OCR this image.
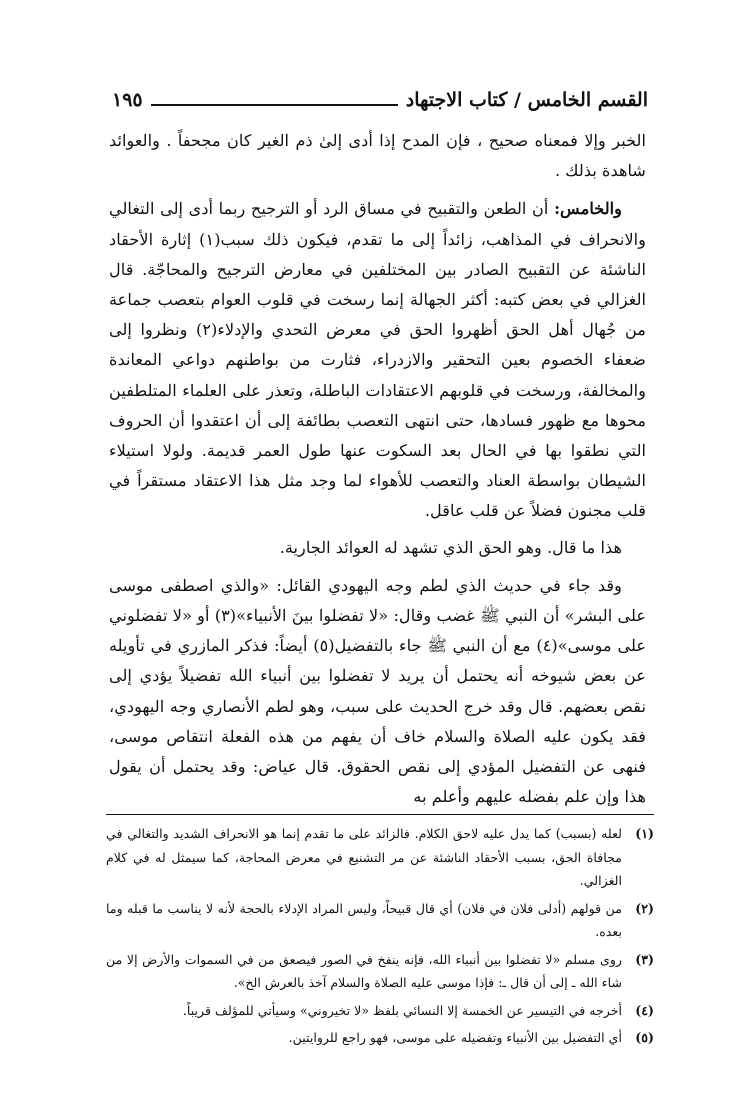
القسم الخامس / كتاب الاجتهاد
١٩٥

الخبر وإلا فمعناه صحيح ، فإن المدح إذا أدى إلىٰ ذم الغير كان مجحفاً . والعوائد شاهدة بذلك .

والخامس: أن الطعن والتقبيح في مساق الرد أو الترجيح ربما أدى إلى التغالي والانحراف في المذاهب، زائداً إلى ما تقدم، فيكون ذلك سبب(١) إثارة الأحقاد الناشئة عن التقبيح الصادر بين المختلفين في معارض الترجيح والمحاجّة. قال الغزالي في بعض كتبه: أكثر الجهالة إنما رسخت في قلوب العوام بتعصب جماعة من جُهال أهل الحق أظهروا الحق في معرض التحدي والإدلاء(٢) ونظروا إلى ضعفاء الخصوم بعين التحقير والازدراء، فثارت من بواطنهم دواعي المعاندة والمخالفة، ورسخت في قلوبهم الاعتقادات الباطلة، وتعذر على العلماء المتلطفين محوها مع ظهور فسادها، حتى انتهى التعصب بطائفة إلى أن اعتقدوا أن الحروف التي نطقوا بها في الحال بعد السكوت عنها طول العمر قديمة. ولولا استيلاء الشيطان بواسطة العناد والتعصب للأهواء لما وجد مثل هذا الاعتقاد مستقراً في قلب مجنون فضلاً عن قلب عاقل.

هذا ما قال. وهو الحق الذي تشهد له العوائد الجارية.

وقد جاء في حديث الذي لطم وجه اليهودي القائل: «والذي اصطفى موسى على البشر» أن النبي ﷺ غضب وقال: «لا تفضلوا بينَ الأنبياء»(٣) أو «لا تفضلوني على موسى»(٤) مع أن النبي ﷺ جاء بالتفضيل(٥) أيضاً: فذكر المازري في تأويله عن بعض شيوخه أنه يحتمل أن يريد لا تفضلوا بين أنبياء الله تفضيلاً يؤدي إلى نقص بعضهم. قال وقد خرج الحديث على سبب، وهو لطم الأنصاري وجه اليهودي، فقد يكون عليه الصلاة والسلام خاف أن يفهم من هذه الفعلة انتقاص موسى، فنهى عن التفضيل المؤدي إلى نقص الحقوق. قال عياض: وقد يحتمل أن يقول هذا وإن علم بفضله عليهم وأعلم به

(١)
لعله (بسبب) كما يدل عليه لاحق الكلام. فالزائد على ما تقدم إنما هو الانحراف الشديد والتغالي في مجافاة الحق، بسبب الأحقاد الناشئة عن مر التشنيع في معرض المحاجة، كما سيمثل له في كلام الغزالي.
(٢)
من قولهم (أدلى فلان في فلان) أي قال قبيحاً، وليس المراد الإدلاء بالحجة لأنه لا يناسب ما قبله وما بعده.
(٣)
روى مسلم «لا تفضلوا بين أنبياء الله، فإنه ينفخ في الصور فيصعق من في السموات والأرض إلا من شاء الله ـ إلى أن قال ـ: فإذا موسى عليه الصلاة والسلام آخذ بالعرش الخ».
(٤)
أخرجه في التيسير عن الخمسة إلا النسائي بلفظ «لا تخيروني» وسيأتي للمؤلف قريباً.
(٥)
أي التفضيل بين الأنبياء وتفضيله على موسى، فهو راجع للروايتين.
